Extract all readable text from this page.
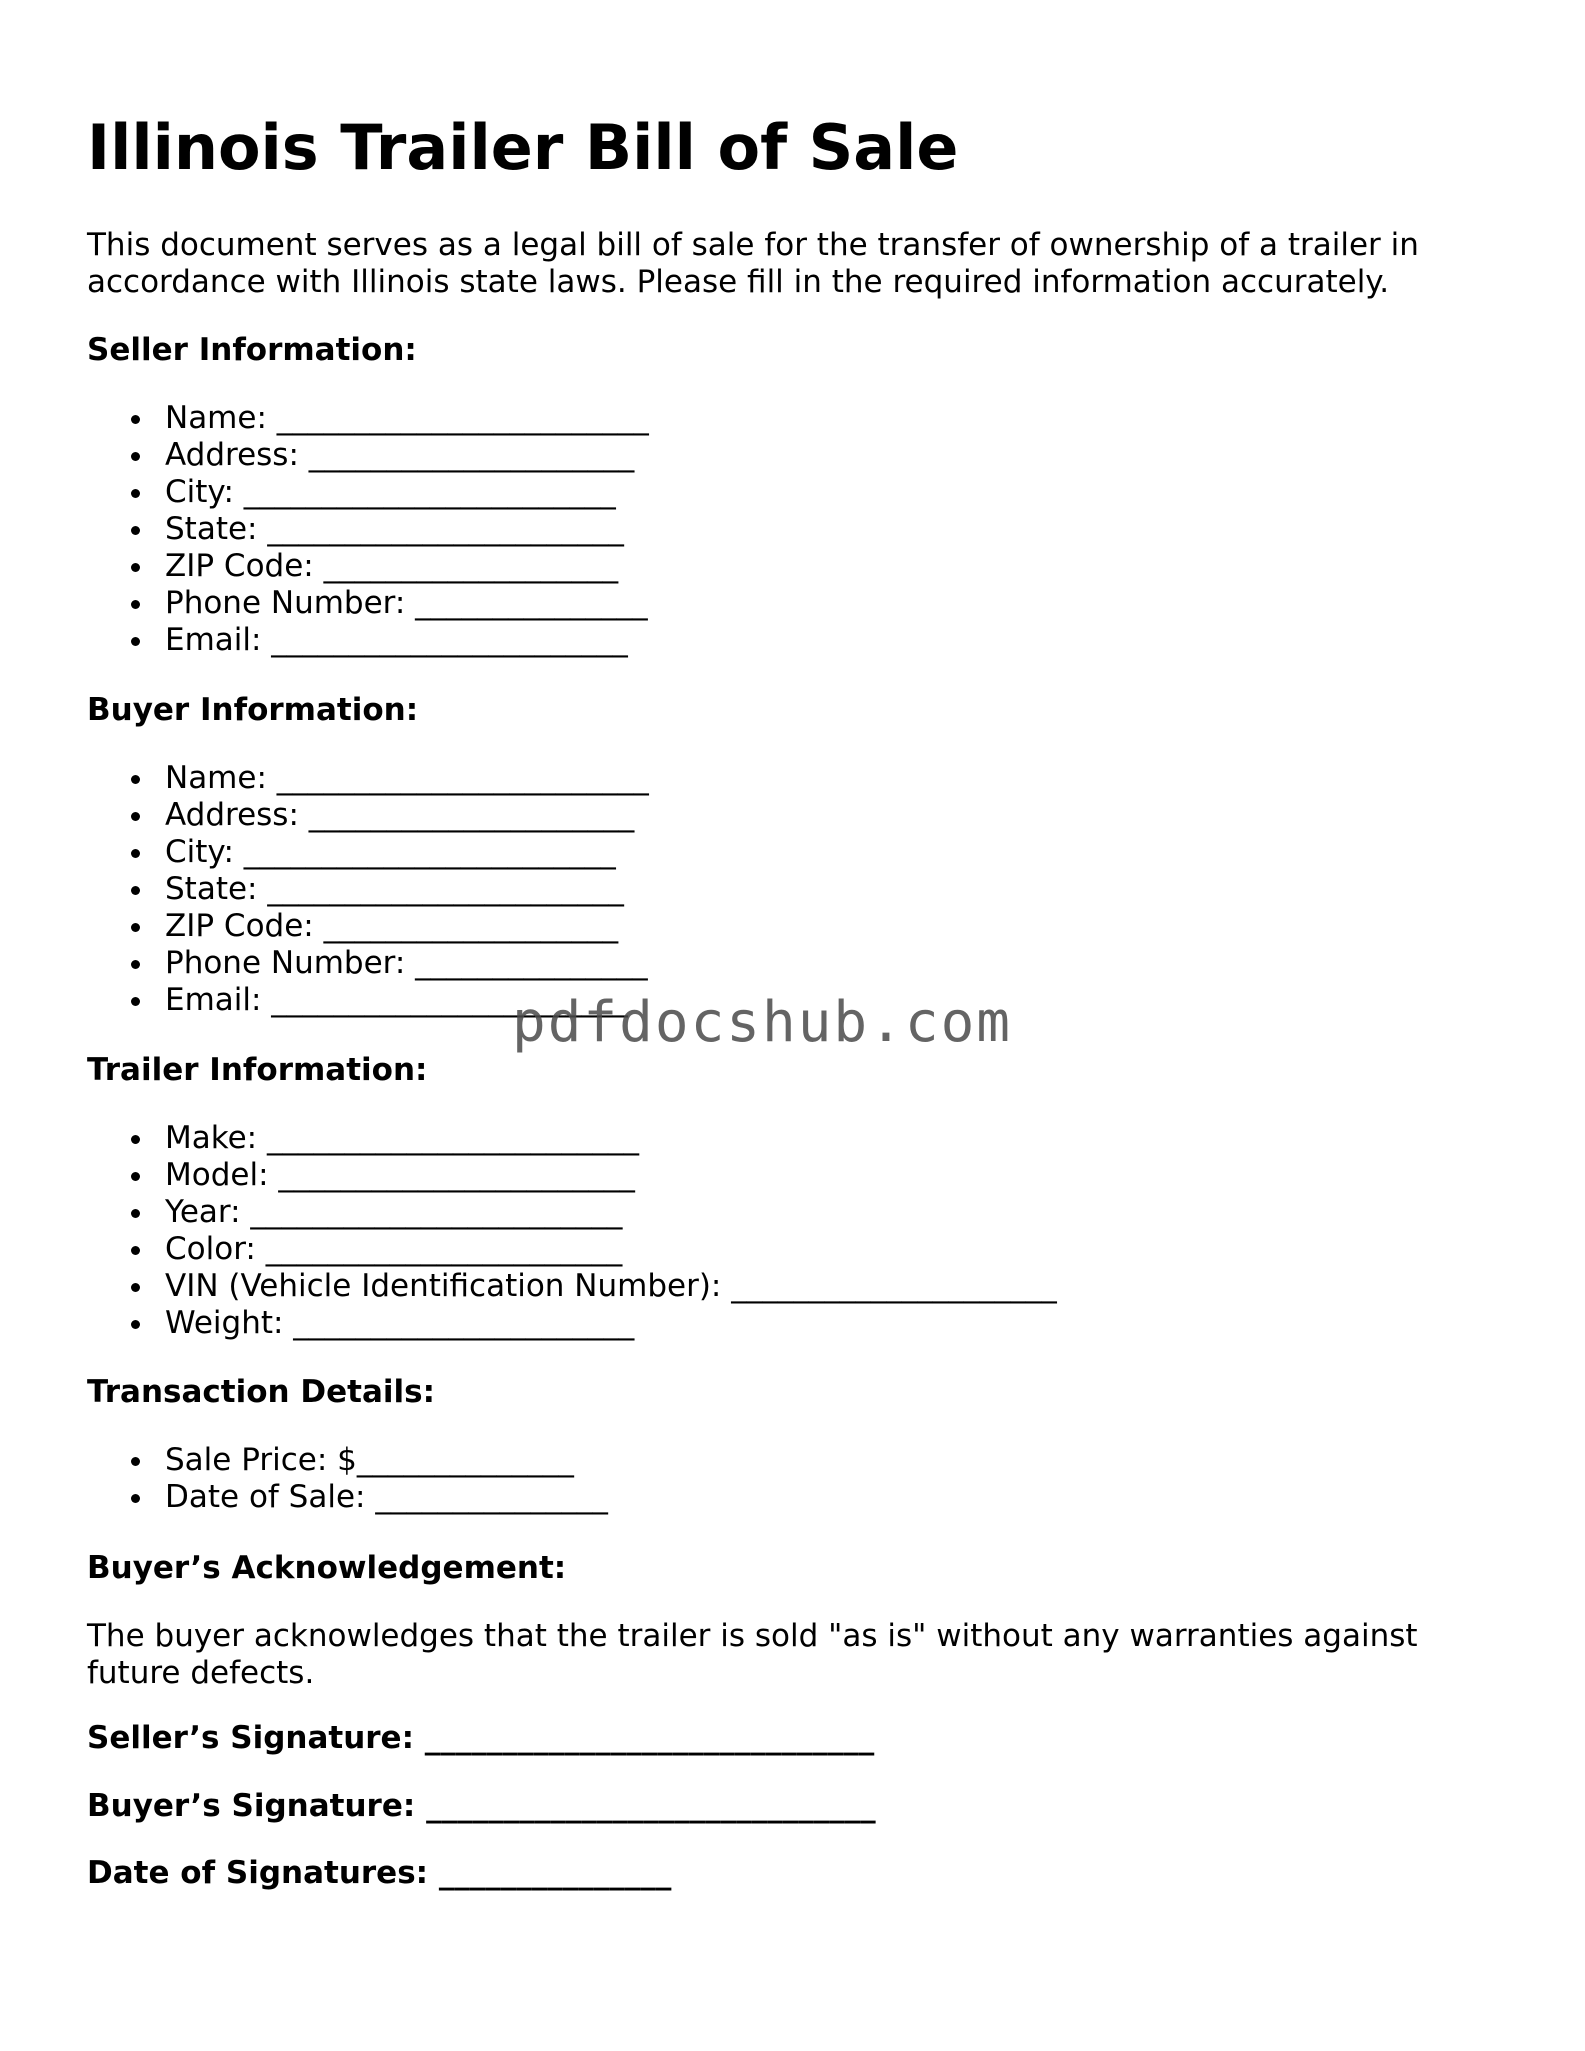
Illinois Trailer Bill of Sale

This document serves as a legal bill of sale for the transfer of ownership of a trailer in accordance with Illinois state laws. Please fill in the required information accurately.

Seller Information:

Name: ________________________
Address: _____________________
City: ________________________
State: _______________________
ZIP Code: ___________________
Phone Number: _______________
Email: _______________________

Buyer Information:

Name: ________________________
Address: _____________________
City: ________________________
State: _______________________
ZIP Code: ___________________
Phone Number: _______________
Email: _______________________

Trailer Information:

Make: ________________________
Model: _______________________
Year: ________________________
Color: _______________________
VIN (Vehicle Identification Number): _____________________
Weight: ______________________

Transaction Details:

Sale Price: $______________
Date of Sale: _______________

Buyer’s Acknowledgement:

The buyer acknowledges that the trailer is sold "as is" without any warranties against future defects.

Seller’s Signature: _____________________________

Buyer’s Signature: _____________________________

Date of Signatures: _______________

pdfdocshub.com
